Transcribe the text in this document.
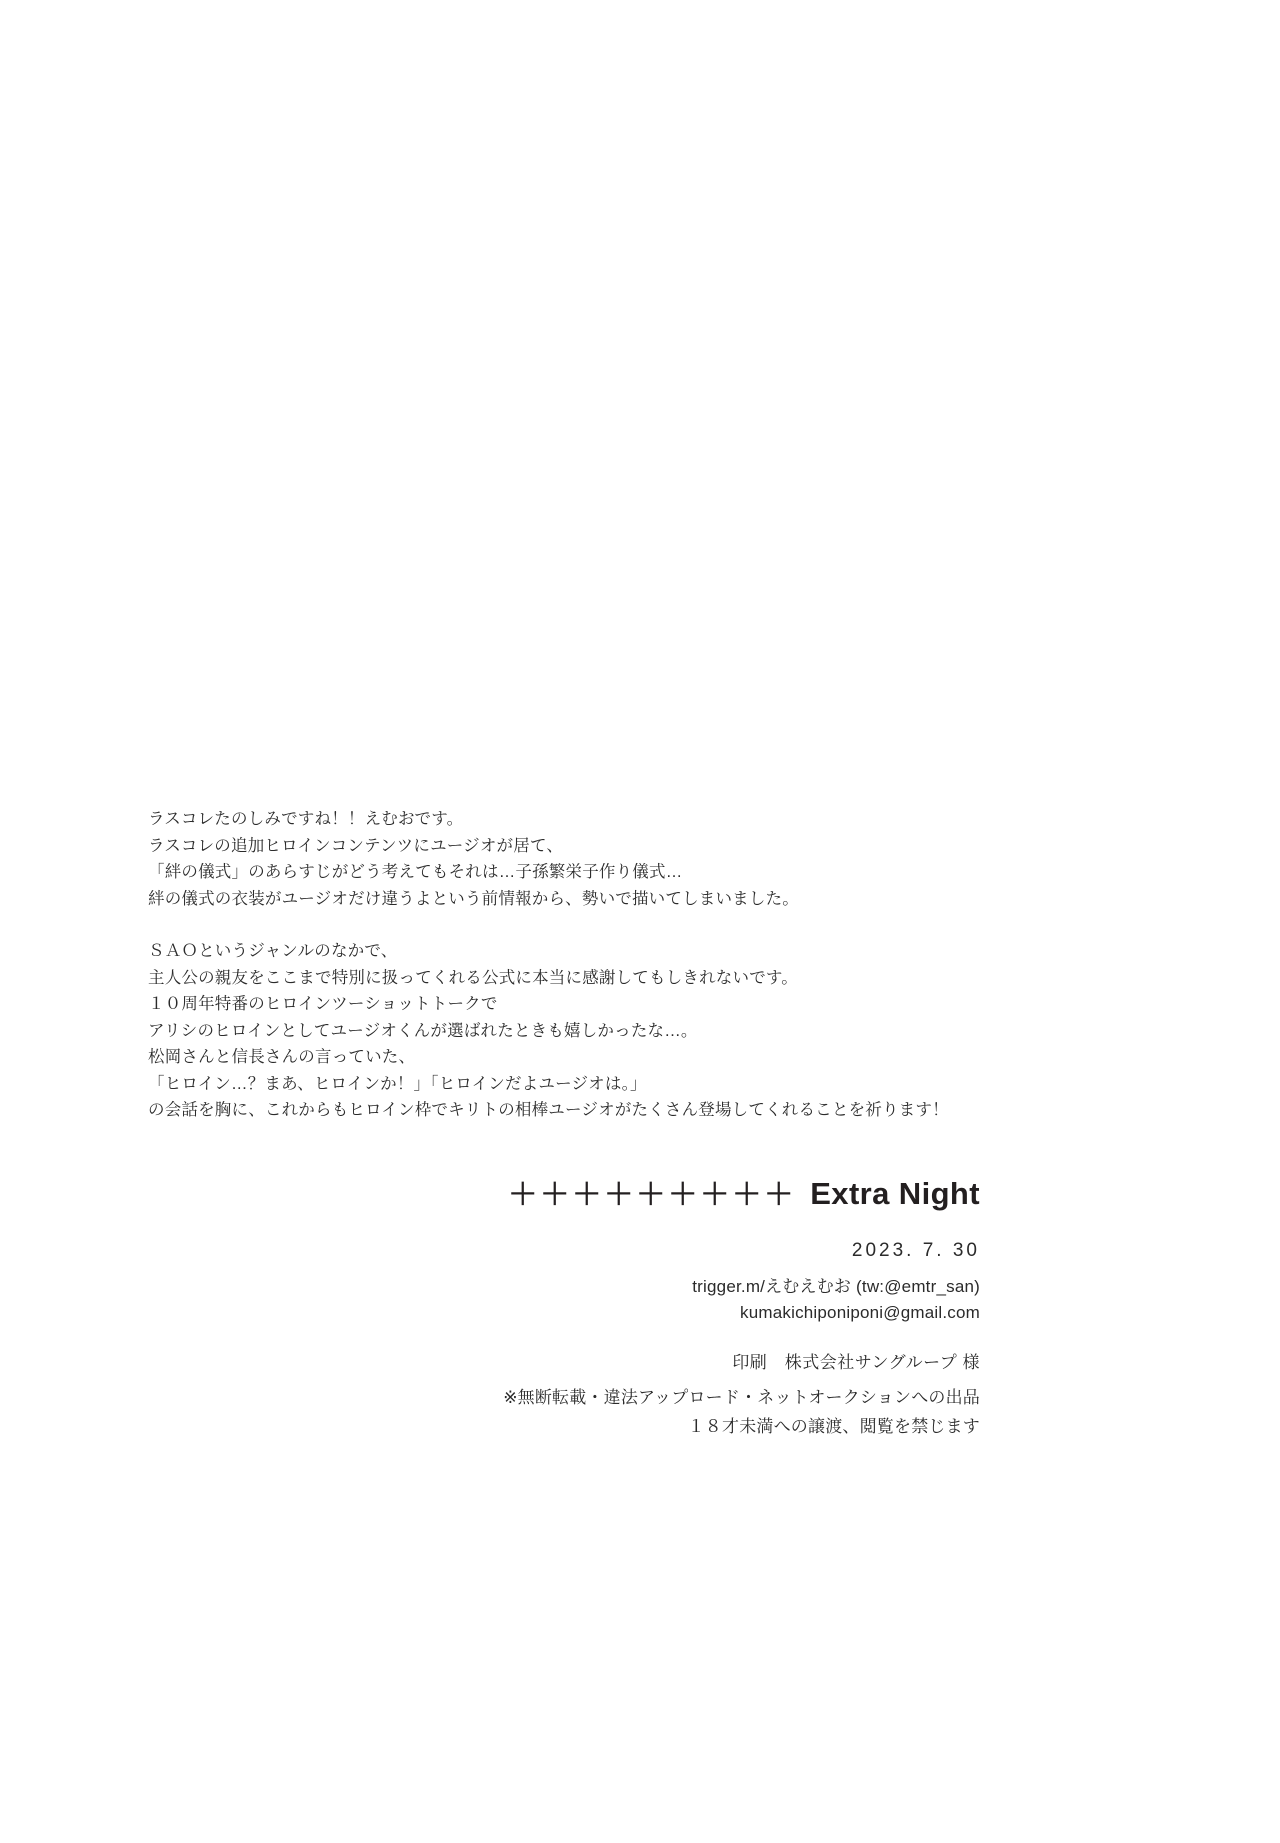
ラスコレたのしみですね！！えむおです。

ラスコレの追加ヒロインコンテンツにユージオが居て、

「絆の儀式」のあらすじがどう考えてもそれは…子孫繁栄子作り儀式…

絆の儀式の衣装がユージオだけ違うよという前情報から、勢いで描いてしまいました。

ＳＡＯというジャンルのなかで、

主人公の親友をここまで特別に扱ってくれる公式に本当に感謝してもしきれないです。

１０周年特番のヒロインツーショットトークで

アリシのヒロインとしてユージオくんが選ばれたときも嬉しかったな…。

松岡さんと信長さんの言っていた、

「ヒロイン…？まあ、ヒロインか！」「ヒロインだよユージオは。」

の会話を胸に、これからもヒロイン枠でキリトの相棒ユージオがたくさん登場してくれることを祈ります！

＋＋＋＋＋＋＋＋＋ Extra Night
2023. 7. 30
trigger.m/えむえむお (tw:@emtr_san)
kumakichiponiponi@gmail.com
印刷　株式会社サングループ 様
※無断転載・違法アップロード・ネットオークションへの出品
１８才未満への譲渡、閲覧を禁じます
